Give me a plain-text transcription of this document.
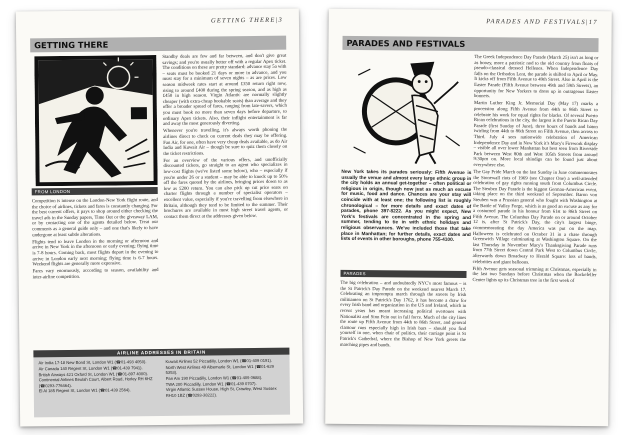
GETTING THERE|3
GETTING THERE
FROM LONDON

Competition is intense on the London-New York flight route, and the choice of airlines, tickets and fares is constantly changing. For the best current offers, it pays to shop around either checking the travel ads in the Sunday papers, Time Out or the giveaway LAM, or by contacting one of the agents detailed below. Treat our comments as a general guide only – and one that's likely to have undergone at least subtle alterations.

Flights tend to leave London in the morning or afternoon and arrive in New York in the afternoon or early evening; flying time is 7-8 hours. Coming back, most flights depart in the evening to arrive in London early next morning; flying time is 6-7 hours. Weekend flights are generally more expensive.

Fares vary enormously, according to season, availability and inter-airline competition.

Standby deals are few and far between, and don't give great savings; and you're usually better off with a regular Apex ticket. The conditions on these are pretty standard: advance stay 5a with – seats must be booked 21 days or more in advance, and you must stay for a minimum of seven nights – as are prices. Low season midweek rates start at around £350 return right now, rising to around £400 during the spring season, and as high as £450 in high season. Virgin Atlantic are normally slightly cheaper (with extra-cheap bookable seats) than average and they offer a broader spread of fares, ranging from late-savers, which you must book no more than seven days before departure, to ordinary Apex tickets. Also, their inflight entertainment is far and away the most generously diverting.

Whenever you're travelling, it's always worth phoning the airlines direct to check on current deals they may be offering. Fan Air, for one, often have very cheap deals available, as do Air India and Kuwait Air – though be sure to quiz them closely on the ticket restrictions.

For an overview of the various offers, and unofficially discounted tickets, go straight to an agent who specializes in low-cost flights (we've listed some below), who – especially if you're under 26 or a student – may be able to knock up to 50% off the fares quoted by the airlines, bringing prices down to as low as £200 return. You can also pick up cut price seats on charter flights through a number of specialist operators – excellent value, especially if you're travelling from elsewhere in Britain, although they tend to be limited to the summer. Their brochures are available in most high street travel agents, or contact them direct at the addresses given below.

AIRLINE ADDRESSES IN BRITAIN
Air India 17-18 New Bond St, London W1 (☎01-493 4050).
Air Canada 140 Regent St, London W1 (☎01-439 7941).
British Airways 421 Oxford St, London W1 (☎01-897 4000).
Continental Airlines Beulah Court, Albert Road, Horley RH 6HZ (☎0293-776464).
El Al 185 Regent St, London W1 (☎01-439 2564).
Kuwait Airlines 52 Piccadilly, London W1 (☎01-409 0191).
North West Airlines 49 Albemarle St, London W1 (☎01-629 5353).
Pan Am 190 Piccadilly, London W1 (☎01-409 0688).
TWA 200 Piccadilly, London W1 (☎01-439 0707).
Virgin Atlantic Sussex House, High St, Crawley, West Sussex RH10 1BZ (☎0293-38222).
PARADES AND FESTIVALS|17
PARADES AND FESTIVALS
New York takes its parades seriously: Fifth Avenue is usually the venue and almost every large ethnic group in the city holds an annual get-together – often political or religious in origin, though now just as much an excuse for music, food and dance. Chances are your stay will coincide with at least one; the following list is roughly chronological – for more details and exact dates of parades, phone 397-8222. As you might expect, New York's festivals are concentrated in the spring and summer, tending to tie in with ethnic holidays and religious observances. We've included those that take place in Manhattan; for further details, exact dates and lists of events in other boroughs, phone 755-4100.
PARADES

The big celebration – and undoubtedly NYC's most famous – is the St Patrick's Day Parade on the weekend nearest March 17. Celebrating an impromptu march through the streets by Irish militiamen on St Patrick's Day 1762, it has become a draw for every Irish band and organization in the US and Ireland, which in recent years has meant increasing political overtones with Nationalist and Sinn Fein out in full force. Much of the city lines the route up Fifth Avenue from 44th to 86th Street, and general clamour runs especially high in Irish bars – should you find yourself in one, when chair of politics, their carriage point is St Patrick's Cathedral, where the Bishop of New York greets the marching pipes and bands.

The Greek Independence Day Parade (March 25) isn't as long or as boozy, more a patriotic nod to the old country from floats of pseudo-classical dressed Hellenes. When Independence Day falls on the Orthodox Lent, the parade is shifted to April or May. It kicks off from Fifth Avenue to 49th Street. Also in April is the Easter Parade (Fifth Avenue between 49th and 59th Streets), an opportunity for New Yorkers to dress up in outrageous Easter bonnets.

Martin Luther King Jr. Memorial Day (May 17) marks a procession along Fifth Avenue from 44th to 86th Street to celebrate his work for equal rights for blacks. Of several Puerto Rican celebrations in the city, the largest is the Puerto Rican Day Parade (first Sunday of June), three hours of bands and baton twirling from 44th to 86th Street on Fifth Avenue, then across to Third. July 4 sees nationwide celebration of American Independence Day and in New York it's Macy's Firework display – visible all over lower Manhattan but best seen from Riverside Park between West 80th and West 105th Streets from around 9:30pm on. More local shindigs can be found just about everywhere else.

The Gay Pride March on the last Sunday in June commemorates the Stonewall riots of 1969 (see Chapter One) a well-attended celebration of gay rights running south from Columbus Circle. The Steuben Day Parade is the biggest German-American event, taking place on the third weekend of September. Baron von Steuben was a Prussian general who fought with Washington at the Battle of Valley Forge, which is as good an excuse as any for a costumed parade in his honour from 61st to 86th Street on Fifth Avenue. The Columbus Day Parade on or around October 12 is, after St Patrick's Day, the city's largest binge, commemorating the day America was put on the map. Halloween is celebrated on October 31 in a chase through Greenwich Village culminating at Washington Square. On the last Thursday in November Macy's Thanksgiving Parade runs from 77th Street down Central Park West to Columbus Circle, afterwards down Broadway to Herald Square: lots of bands, celebrities and giant balloons.

Fifth Avenue gets seasonal trimming at Christmas, especially in the last two Sundays before Christmas when the Rockefeller Center lights up its Christmas tree in the first week of
